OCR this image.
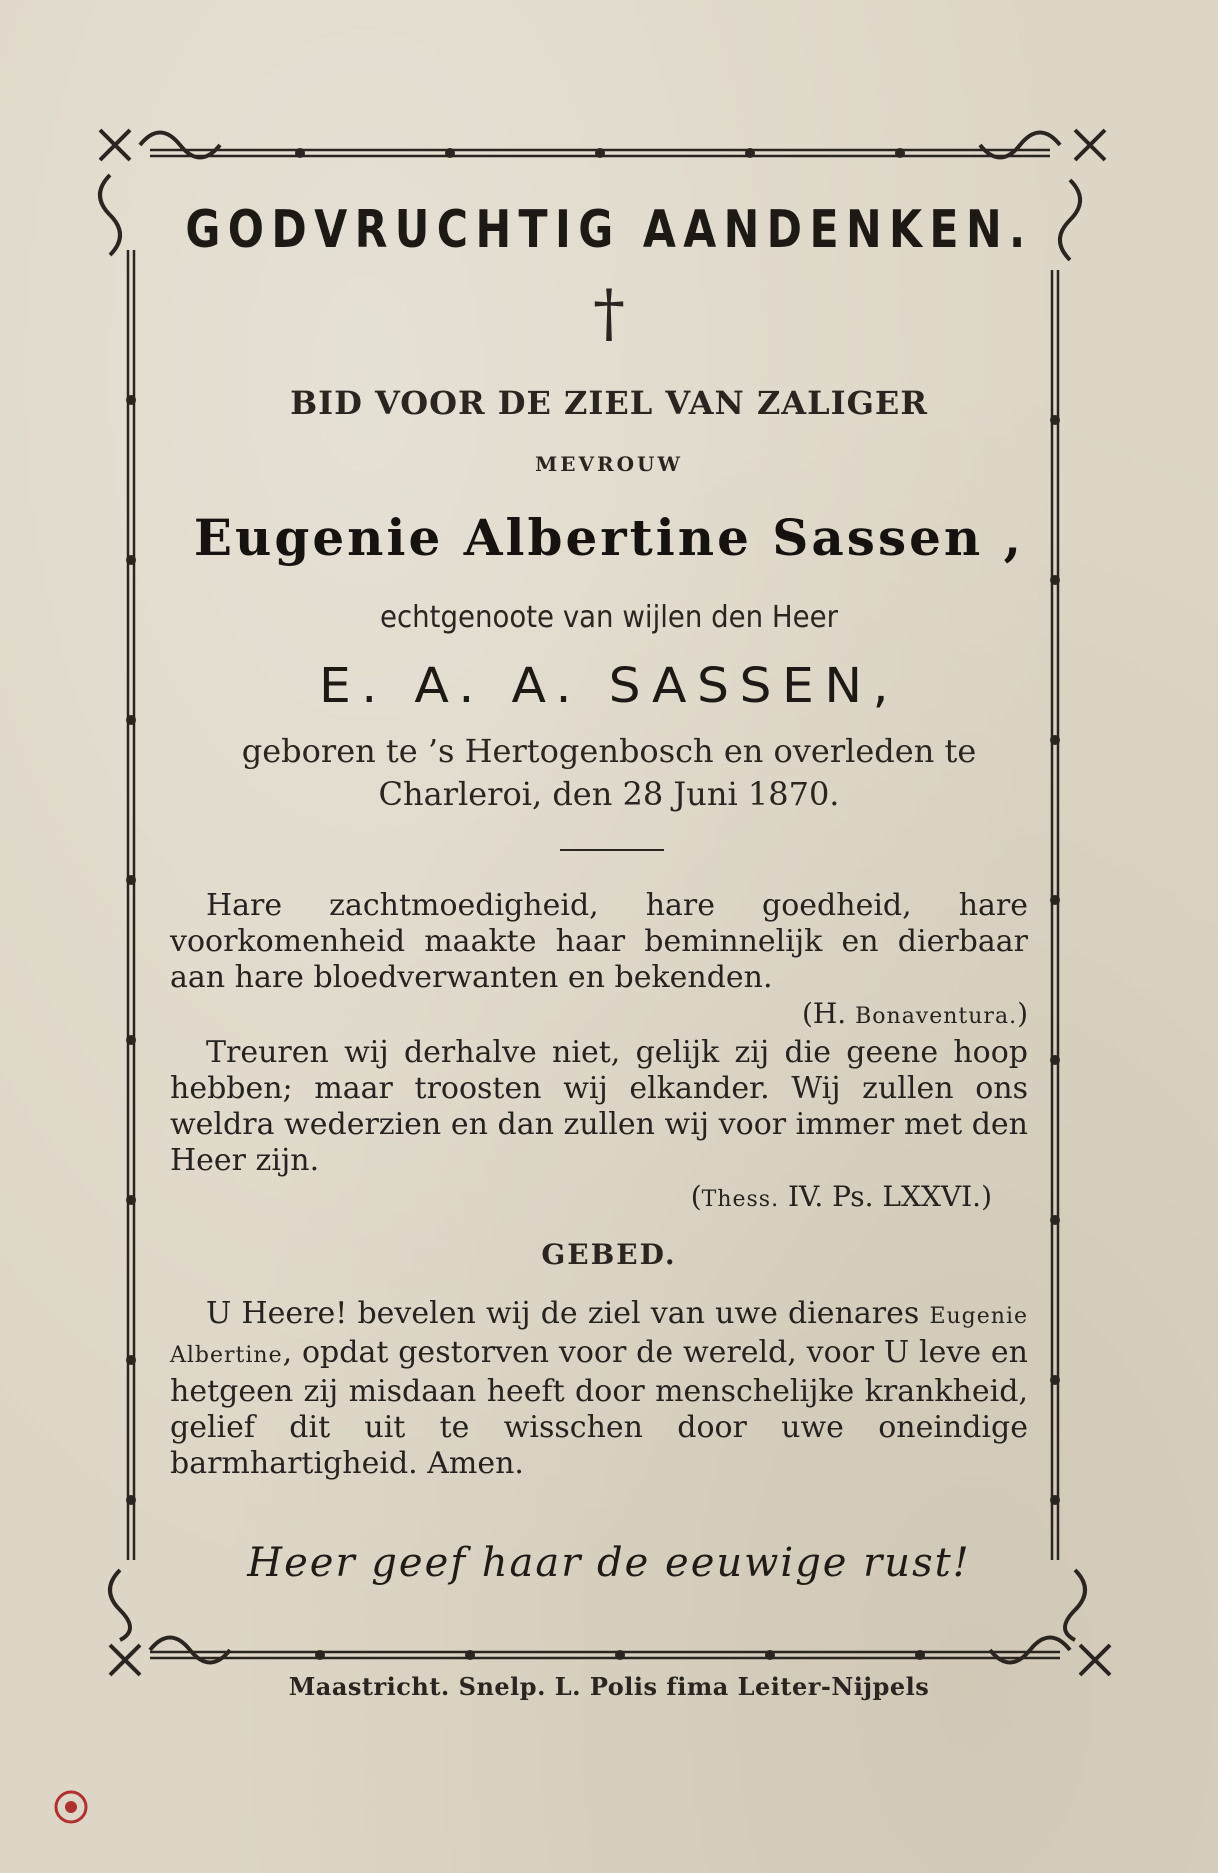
GODVRUCHTIG AANDENKEN.
†
BID VOOR DE ZIEL VAN ZALIGER
MEVROUW
Eugenie Albertine Sassen ,
echtgenoote van wijlen den Heer
E. A. A. SASSEN,
geboren te ’s Hertogenbosch en overleden te
Charleroi, den 28 Juni 1870.

Hare zachtmoedigheid, hare goedheid, hare voorkomenheid maakte haar beminnelijk en dierbaar aan hare bloedverwanten en bekenden.

(H. Bonaventura.)

Treuren wij derhalve niet, gelijk zij die geene hoop hebben; maar troosten wij elkander. Wij zullen ons weldra wederzien en dan zullen wij voor immer met den Heer zijn.

(Thess. IV. Ps. LXXVI.)

GEBED.

U Heere! bevelen wij de ziel van uwe dienares Eugenie Albertine, opdat gestorven voor de wereld, voor U leve en hetgeen zij misdaan heeft door menschelijke krankheid, gelief dit uit te wisschen door uwe oneindige barmhartigheid. Amen.

Heer geef haar de eeuwige rust!
Maastricht. Snelp. L. Polis fima Leiter-Nijpels
